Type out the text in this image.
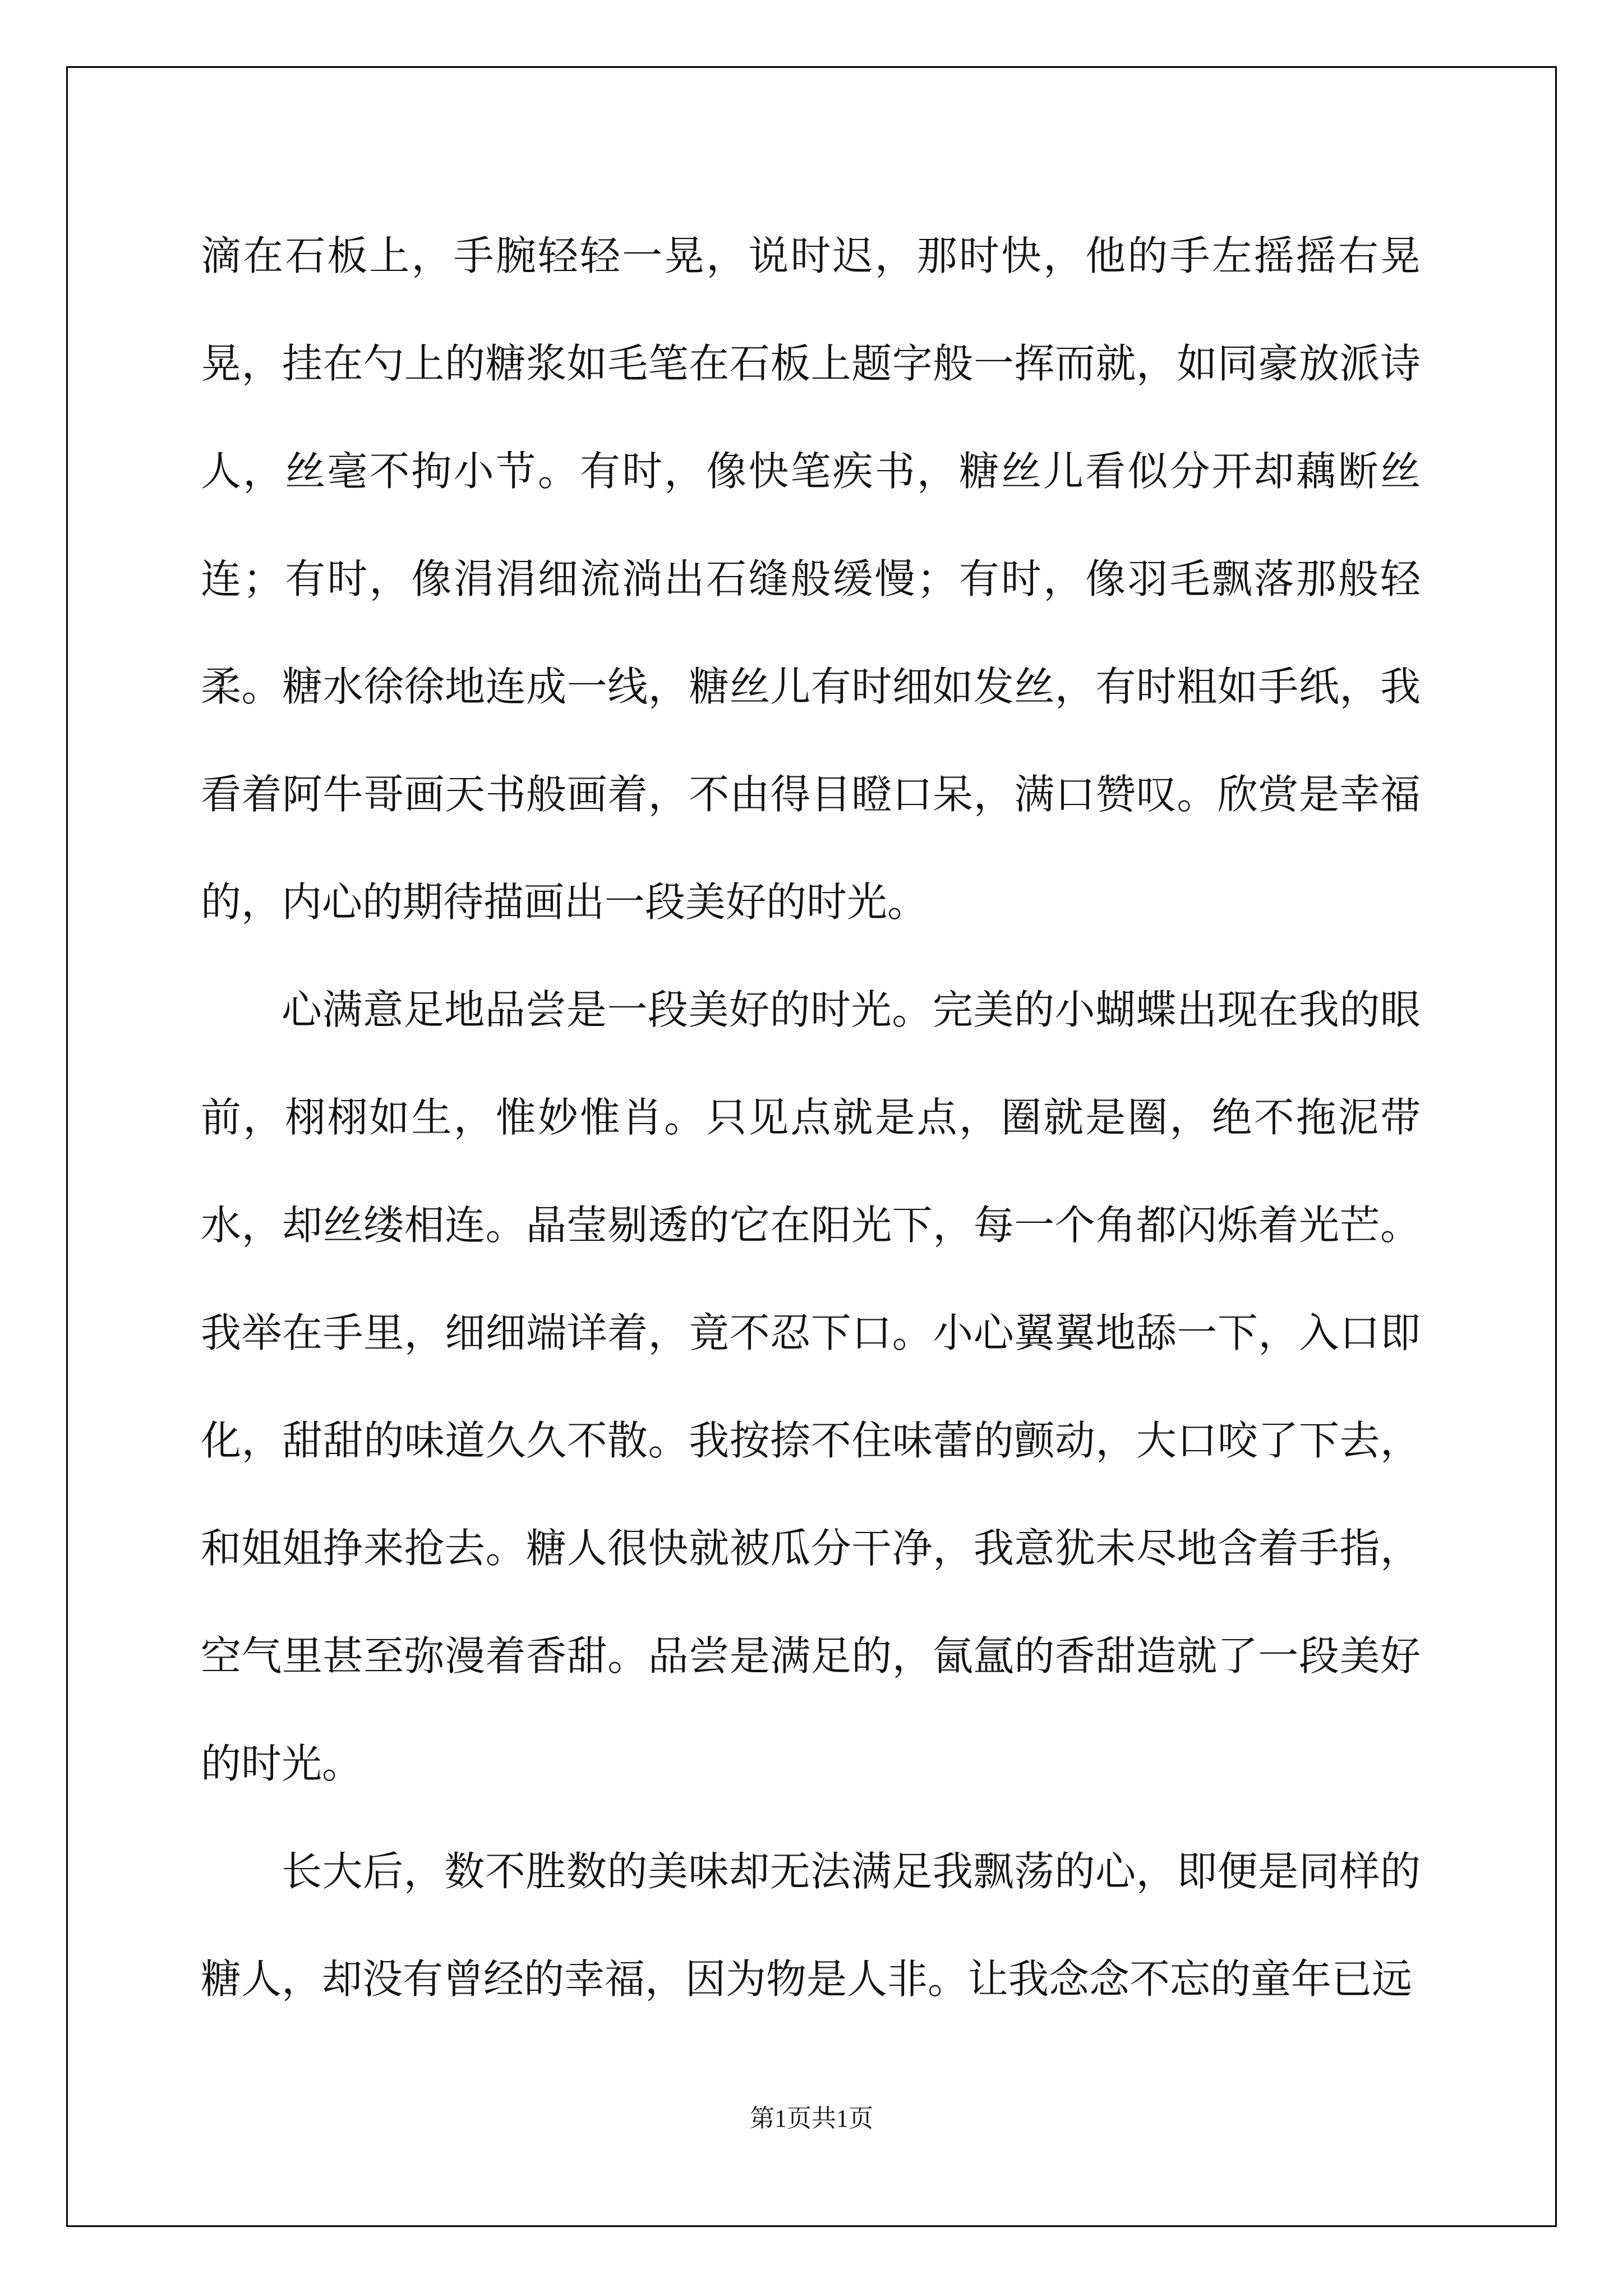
滴在石板上，手腕轻轻一晃，说时迟，那时快，他的手左摇摇右晃晃，挂在勺上的糖浆如毛笔在石板上题字般一挥而就，如同豪放派诗人，丝毫不拘小节。有时，像快笔疾书，糖丝儿看似分开却藕断丝连；有时，像涓涓细流淌出石缝般缓慢；有时，像羽毛飘落那般轻柔。糖水徐徐地连成一线，糖丝儿有时细如发丝，有时粗如手纸，我看着阿牛哥画天书般画着，不由得目瞪口呆，满口赞叹。欣赏是幸福的，内心的期待描画出一段美好的时光。

心满意足地品尝是一段美好的时光。完美的小蝴蝶出现在我的眼前，栩栩如生，惟妙惟肖。只见点就是点，圈就是圈，绝不拖泥带水，却丝缕相连。晶莹剔透的它在阳光下，每一个角都闪烁着光芒。我举在手里，细细端详着，竟不忍下口。小心翼翼地舔一下，入口即化，甜甜的味道久久不散。我按捺不住味蕾的颤动，大口咬了下去，和姐姐挣来抢去。糖人很快就被瓜分干净，我意犹未尽地含着手指，空气里甚至弥漫着香甜。品尝是满足的，氤氲的香甜造就了一段美好的时光。

长大后，数不胜数的美味却无法满足我飘荡的心，即便是同样的糖人，却没有曾经的幸福，因为物是人非。让我念念不忘的童年已远

第1页共1页
